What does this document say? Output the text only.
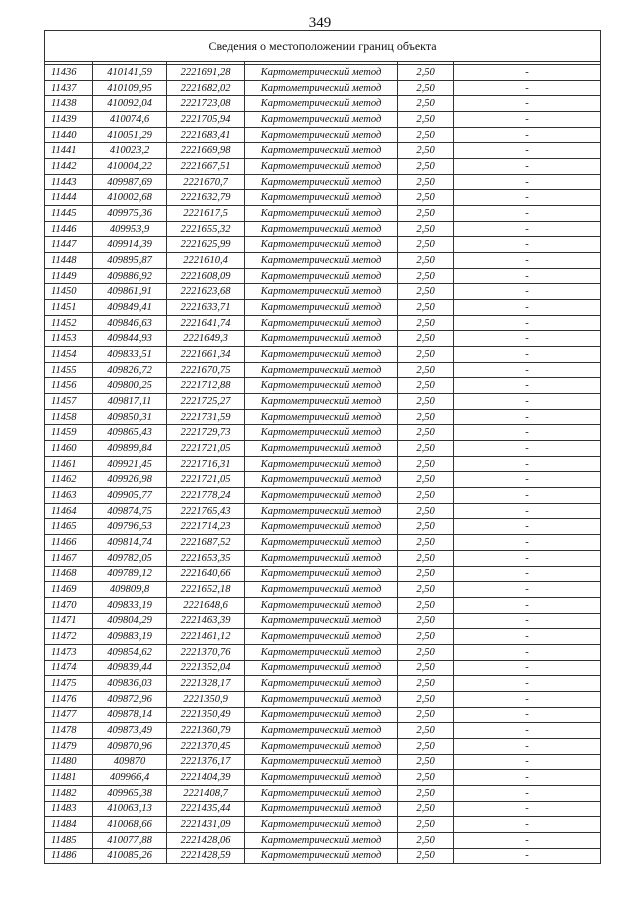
349
Сведения о местоположении границ объекта					

11436	410141,59	2221691,28	Картометрический метод	2,50	-
11437	410109,95	2221682,02	Картометрический метод	2,50	-
11438	410092,04	2221723,08	Картометрический метод	2,50	-
11439	410074,6	2221705,94	Картометрический метод	2,50	-
11440	410051,29	2221683,41	Картометрический метод	2,50	-
11441	410023,2	2221669,98	Картометрический метод	2,50	-
11442	410004,22	2221667,51	Картометрический метод	2,50	-
11443	409987,69	2221670,7	Картометрический метод	2,50	-
11444	410002,68	2221632,79	Картометрический метод	2,50	-
11445	409975,36	2221617,5	Картометрический метод	2,50	-
11446	409953,9	2221655,32	Картометрический метод	2,50	-
11447	409914,39	2221625,99	Картометрический метод	2,50	-
11448	409895,87	2221610,4	Картометрический метод	2,50	-
11449	409886,92	2221608,09	Картометрический метод	2,50	-
11450	409861,91	2221623,68	Картометрический метод	2,50	-
11451	409849,41	2221633,71	Картометрический метод	2,50	-
11452	409846,63	2221641,74	Картометрический метод	2,50	-
11453	409844,93	2221649,3	Картометрический метод	2,50	-
11454	409833,51	2221661,34	Картометрический метод	2,50	-
11455	409826,72	2221670,75	Картометрический метод	2,50	-
11456	409800,25	2221712,88	Картометрический метод	2,50	-
11457	409817,11	2221725,27	Картометрический метод	2,50	-
11458	409850,31	2221731,59	Картометрический метод	2,50	-
11459	409865,43	2221729,73	Картометрический метод	2,50	-
11460	409899,84	2221721,05	Картометрический метод	2,50	-
11461	409921,45	2221716,31	Картометрический метод	2,50	-
11462	409926,98	2221721,05	Картометрический метод	2,50	-
11463	409905,77	2221778,24	Картометрический метод	2,50	-
11464	409874,75	2221765,43	Картометрический метод	2,50	-
11465	409796,53	2221714,23	Картометрический метод	2,50	-
11466	409814,74	2221687,52	Картометрический метод	2,50	-
11467	409782,05	2221653,35	Картометрический метод	2,50	-
11468	409789,12	2221640,66	Картометрический метод	2,50	-
11469	409809,8	2221652,18	Картометрический метод	2,50	-
11470	409833,19	2221648,6	Картометрический метод	2,50	-
11471	409804,29	2221463,39	Картометрический метод	2,50	-
11472	409883,19	2221461,12	Картометрический метод	2,50	-
11473	409854,62	2221370,76	Картометрический метод	2,50	-
11474	409839,44	2221352,04	Картометрический метод	2,50	-
11475	409836,03	2221328,17	Картометрический метод	2,50	-
11476	409872,96	2221350,9	Картометрический метод	2,50	-
11477	409878,14	2221350,49	Картометрический метод	2,50	-
11478	409873,49	2221360,79	Картометрический метод	2,50	-
11479	409870,96	2221370,45	Картометрический метод	2,50	-
11480	409870	2221376,17	Картометрический метод	2,50	-
11481	409966,4	2221404,39	Картометрический метод	2,50	-
11482	409965,38	2221408,7	Картометрический метод	2,50	-
11483	410063,13	2221435,44	Картометрический метод	2,50	-
11484	410068,66	2221431,09	Картометрический метод	2,50	-
11485	410077,88	2221428,06	Картометрический метод	2,50	-
11486	410085,26	2221428,59	Картометрический метод	2,50	-
